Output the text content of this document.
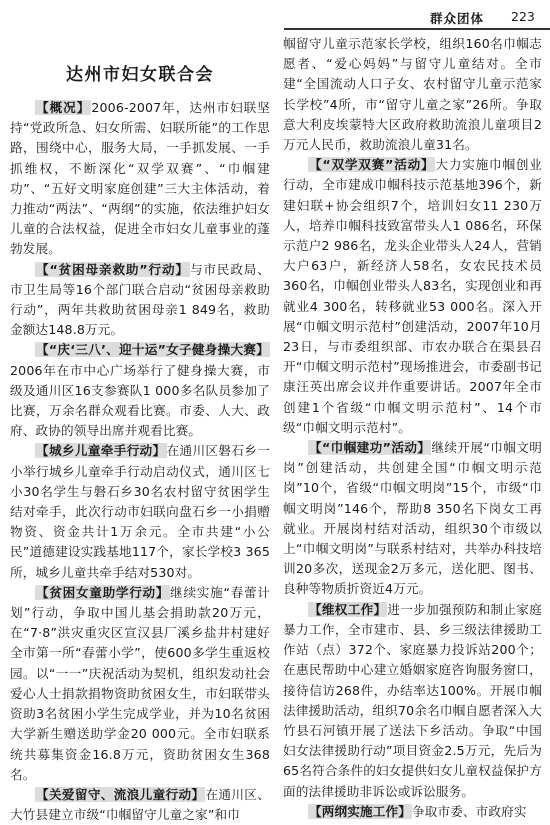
群众团体 223
达州市妇女联合会

【概况】2006-2007年，达州市妇联坚持“党政所急、妇女所需、妇联所能”的工作思路，围绕中心，服务大局，一手抓发展、一手抓维权，不断深化“双学双赛”、“巾帼建功”、“五好文明家庭创建”三大主体活动，着力推动“两法”、“两纲”的实施，依法维护妇女儿童的合法权益，促进全市妇女儿童事业的蓬勃发展。

【“贫困母亲救助”行动】与市民政局、市卫生局等16个部门联合启动“贫困母亲救助行动”，两年共救助贫困母亲1 849名，救助金额达148.8万元。

【“庆‘三八’、迎十运”女子健身操大赛】2006年在市中心广场举行了健身操大赛，市级及通川区16支参赛队1 000多名队员参加了比赛，万余名群众观看比赛。市委、人大、政府、政协的领导出席并观看比赛。

【城乡儿童牵手行动】在通川区磐石乡一小举行城乡儿童牵手行动启动仪式，通川区七小30名学生与磐石乡30名农村留守贫困学生结对牵手，此次行动市妇联向盘石乡一小捐赠物资、资金共计1万余元。全市共建“小公民”道德建设实践基地117个，家长学校3 365所，城乡儿童共牵手结对530对。

【贫困女童助学行动】继续实施“春蕾计划”行动，争取中国儿基会捐助款20万元，在“7·8”洪灾重灾区宣汉县厂溪乡盐井村建好全市第一所“春蕾小学”，使600多学生重返校园。以“一一”庆祝活动为契机，组织发动社会爱心人士捐款捐物资助贫困女生，市妇联带头资助3名贫困小学生完成学业，并为10名贫困大学新生赠送助学金20 000元。全市妇联系统共募集资金16.8万元，资助贫困女生368名。

【关爱留守、流浪儿童行动】在通川区、大竹县建立市级“巾帼留守儿童之家”和巾

帼留守儿童示范家长学校，组织160名巾帼志愿者、“爱心妈妈”与留守儿童结对。全市建“全国流动人口子女、农村留守儿童示范家长学校”4所，市“留守儿童之家”26所。争取意大利皮埃蒙特大区政府救助流浪儿童项目2万元人民币，救助流浪儿童31名。

【“双学双赛”活动】大力实施巾帼创业行动，全市建成巾帼科技示范基地396个，新建妇联+协会组织7个，培训妇女11 230万人，培养巾帼科技致富带头人1 086名，环保示范户2 986名，龙头企业带头人24人，营销大户63户，新经济人58名，女农民技术员360名，巾帼创业带头人83名，实现创业和再就业4 300名，转移就业53 000名。深入开展“巾帼文明示范村”创建活动，2007年10月23日，与市委组织部、市农办联合在渠县召开“巾帼文明示范村”现场推进会，市委副书记康汪英出席会议并作重要讲话。2007年全市创建1个省级“巾帼文明示范村”、14个市级“巾帼文明示范村”。

【“巾帼建功”活动】继续开展“巾帼文明岗”创建活动，共创建全国“巾帼文明示范岗”10个，省级“巾帼文明岗”15个，市级“巾帼文明岗”146个，帮助8 350名下岗女工再就业。开展岗村结对活动，组织30个市级以上“巾帼文明岗”与联系村结对，共举办科技培训20多次，送现金2万多元，送化肥、图书、良种等物质折资近4万元。

【维权工作】进一步加强预防和制止家庭暴力工作，全市建市、县、乡三级法律援助工作站（点）372个、家庭暴力投诉站200个；在惠民帮助中心建立婚姻家庭咨询服务窗口，接待信访268件，办结率达100%。开展巾帼法律援助活动，组织70余名巾帼自愿者深入大竹县石河镇开展了送法下乡活动。争取“中国妇女法律援助行动”项目资金2.5万元，先后为65名符合条件的妇女提供妇女儿童权益保护方面的法律援助非诉讼或诉讼服务。

【两纲实施工作】争取市委、市政府实
